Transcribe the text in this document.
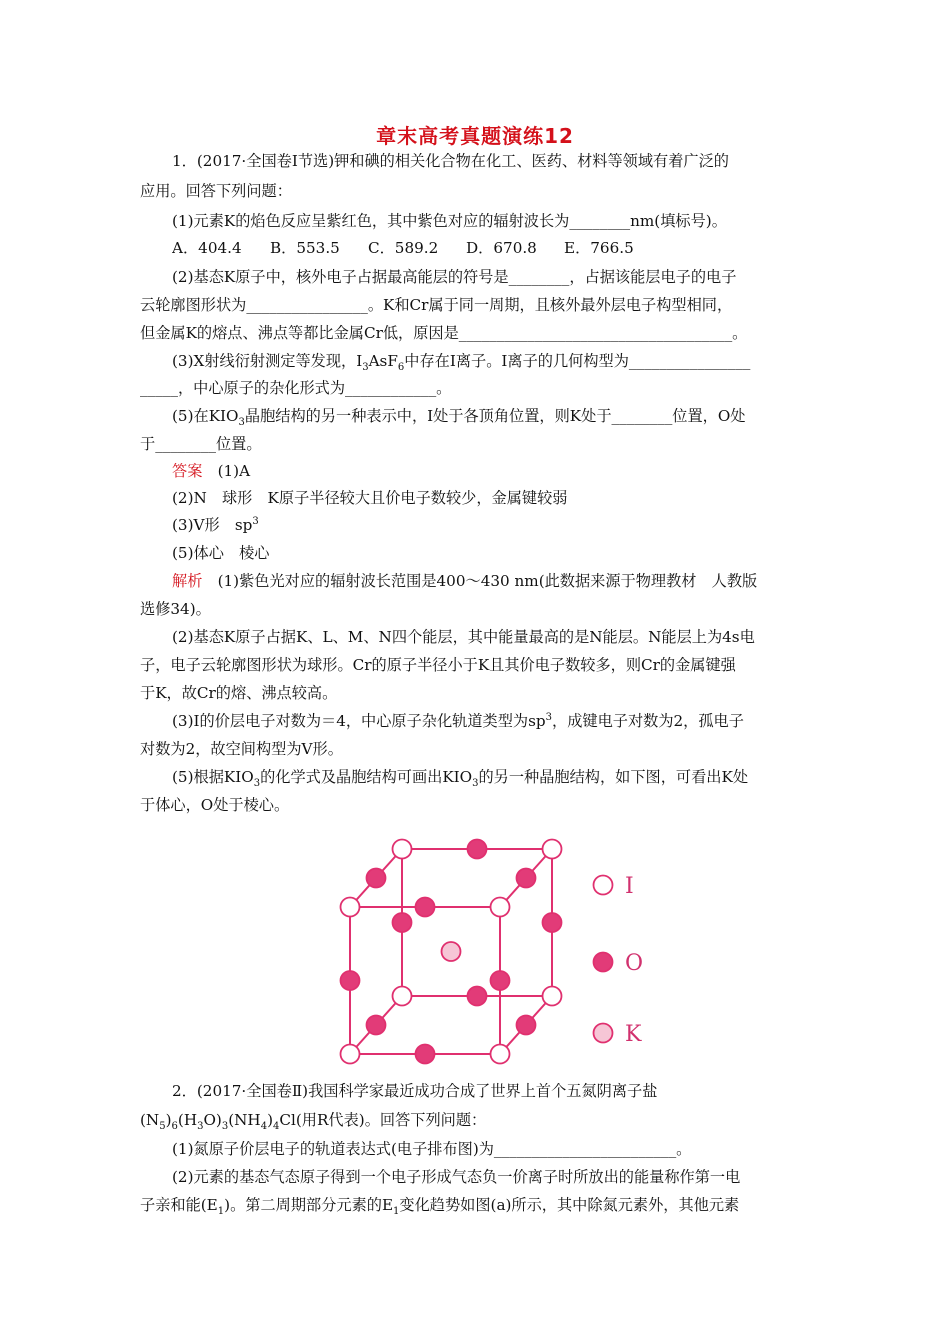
章末高考真题演练12
1．(2017·全国卷Ⅰ节选)钾和碘的相关化合物在化工、医药、材料等领域有着广泛的
应用。回答下列问题：
(1)元素K的焰色反应呈紫红色，其中紫色对应的辐射波长为________nm(填标号)。
A．404.4 B．553.5 C．589.2 D．670.8 E．766.5
(2)基态K原子中，核外电子占据最高能层的符号是________，占据该能层电子的电子
云轮廓图形状为________________。K和Cr属于同一周期，且核外最外层电子构型相同，
但金属K的熔点、沸点等都比金属Cr低，原因是____________________________________。
(3)X射线衍射测定等发现，$I_3AsF_6$中存在I离子。I离子的几何构型为________________
_____，中心原子的杂化形式为____________。
(5)在$KIO_3$晶胞结构的另一种表示中，I处于各顶角位置，则K处于________位置，O处
于________位置。
答案　 (1)A
(2)N　球形　K原子半径较大且价电子数较少，金属键较弱
(3)V形　$sp^3$
(5)体心　棱心
解析　 (1)紫色光对应的辐射波长范围是400～430 nm(此数据来源于物理教材　人教版
选修34)。
(2)基态K原子占据K、L、M、N四个能层，其中能量最高的是N能层。N能层上为4s电
子，电子云轮廓图形状为球形。Cr的原子半径小于K且其价电子数较多，则Cr的金属键强
于K，故Cr的熔、沸点较高。
(3)I的价层电子对数为＝4，中心原子杂化轨道类型为$sp^3$，成键电子对数为2，孤电子
对数为2，故空间构型为V形。
(5)根据$KIO_3$的化学式及晶胞结构可画出$KIO_3$的另一种晶胞结构，如下图，可看出K处
于体心，O处于棱心。
I
O
K
2．(2017·全国卷Ⅱ)我国科学家最近成功合成了世界上首个五氮阴离子盐
$(N_5)_6(H_3O)_3(NH_4)_4Cl$(用R代表)。回答下列问题：
(1)氮原子价层电子的轨道表达式(电子排布图)为________________________。
(2)元素的基态气态原子得到一个电子形成气态负一价离子时所放出的能量称作第一电
子亲和能$(E_1)$。第二周期部分元素的$E_1$变化趋势如图(a)所示，其中除氮元素外，其他元素
